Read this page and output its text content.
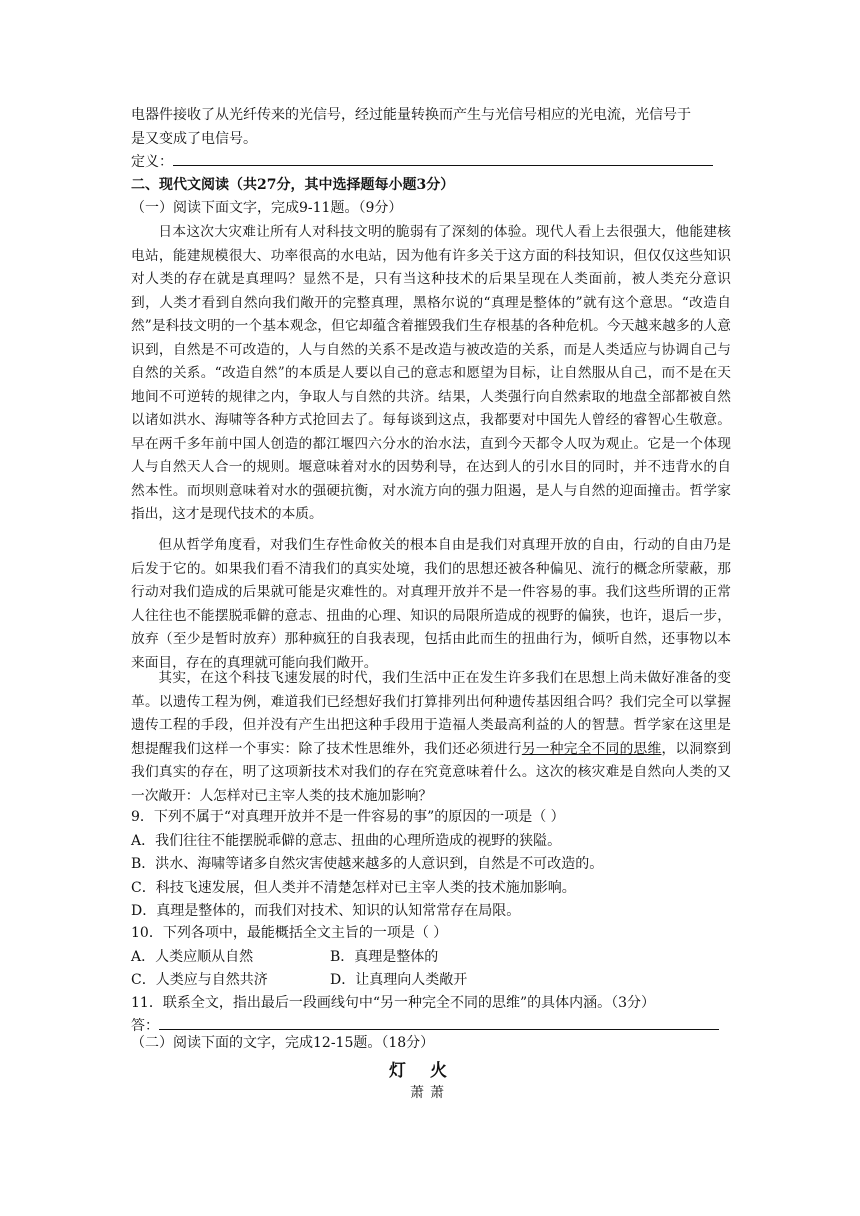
电器件接收了从光纤传来的光信号，经过能量转换而产生与光信号相应的光电流，光信号于
是又变成了电信号。
定义：
二、现代文阅读（共27分，其中选择题每小题3分）
（一）阅读下面文字，完成9-11题。（9分）
日本这次大灾难让所有人对科技文明的脆弱有了深刻的体验。现代人看上去很强大，他能建核电站，能建规模很大、功率很高的水电站，因为他有许多关于这方面的科技知识，但仅仅这些知识对人类的存在就是真理吗？显然不是，只有当这种技术的后果呈现在人类面前，被人类充分意识到，人类才看到自然向我们敞开的完整真理，黑格尔说的“真理是整体的”就有这个意思。“改造自然”是科技文明的一个基本观念，但它却蕴含着摧毁我们生存根基的各种危机。今天越来越多的人意识到，自然是不可改造的，人与自然的关系不是改造与被改造的关系，而是人类适应与协调自己与自然的关系。“改造自然”的本质是人要以自己的意志和愿望为目标，让自然服从自己，而不是在天地间不可逆转的规律之内，争取人与自然的共济。结果，人类强行向自然索取的地盘全部都被自然以诸如洪水、海啸等各种方式抢回去了。每每谈到这点，我都要对中国先人曾经的睿智心生敬意。早在两千多年前中国人创造的都江堰四六分水的治水法，直到今天都令人叹为观止。它是一个体现人与自然天人合一的规则。堰意味着对水的因势利导，在达到人的引水目的同时，并不违背水的自然本性。而坝则意味着对水的强硬抗衡，对水流方向的强力阻遏，是人与自然的迎面撞击。哲学家指出，这才是现代技术的本质。
但从哲学角度看，对我们生存性命攸关的根本自由是我们对真理开放的自由，行动的自由乃是后发于它的。如果我们看不清我们的真实处境，我们的思想还被各种偏见、流行的概念所蒙蔽，那行动对我们造成的后果就可能是灾难性的。对真理开放并不是一件容易的事。我们这些所谓的正常人往往也不能摆脱乖僻的意志、扭曲的心理、知识的局限所造成的视野的偏狭，也许，退后一步，放弃（至少是暂时放弃）那种疯狂的自我表现，包括由此而生的扭曲行为，倾听自然，还事物以本来面目，存在的真理就可能向我们敞开。
其实，在这个科技飞速发展的时代，我们生活中正在发生许多我们在思想上尚未做好准备的变革。以遗传工程为例，难道我们已经想好我们打算排列出何种遗传基因组合吗？我们完全可以掌握遗传工程的手段，但并没有产生出把这种手段用于造福人类最高利益的人的智慧。哲学家在这里是想提醒我们这样一个事实：除了技术性思维外，我们还必须进行另一种完全不同的思维，以洞察到我们真实的存在，明了这项新技术对我们的存在究竟意味着什么。这次的核灾难是自然向人类的又一次敞开：人怎样对已主宰人类的技术施加影响？
9．下列不属于“对真理开放并不是一件容易的事”的原因的一项是（ ）
A．我们往往不能摆脱乖僻的意志、扭曲的心理所造成的视野的狭隘。
B．洪水、海啸等诸多自然灾害使越来越多的人意识到，自然是不可改造的。
C．科技飞速发展，但人类并不清楚怎样对已主宰人类的技术施加影响。
D．真理是整体的，而我们对技术、知识的认知常常存在局限。
10．下列各项中，最能概括全文主旨的一项是（ ）
A．人类应顺从自然	B．真理是整体的
C．人类应与自然共济	D．让真理向人类敞开
11．联系全文，指出最后一段画线句中“另一种完全不同的思维”的具体内涵。（3分）
答：
（二）阅读下面的文字，完成12-15题。（18分）
灯火
萧萧
